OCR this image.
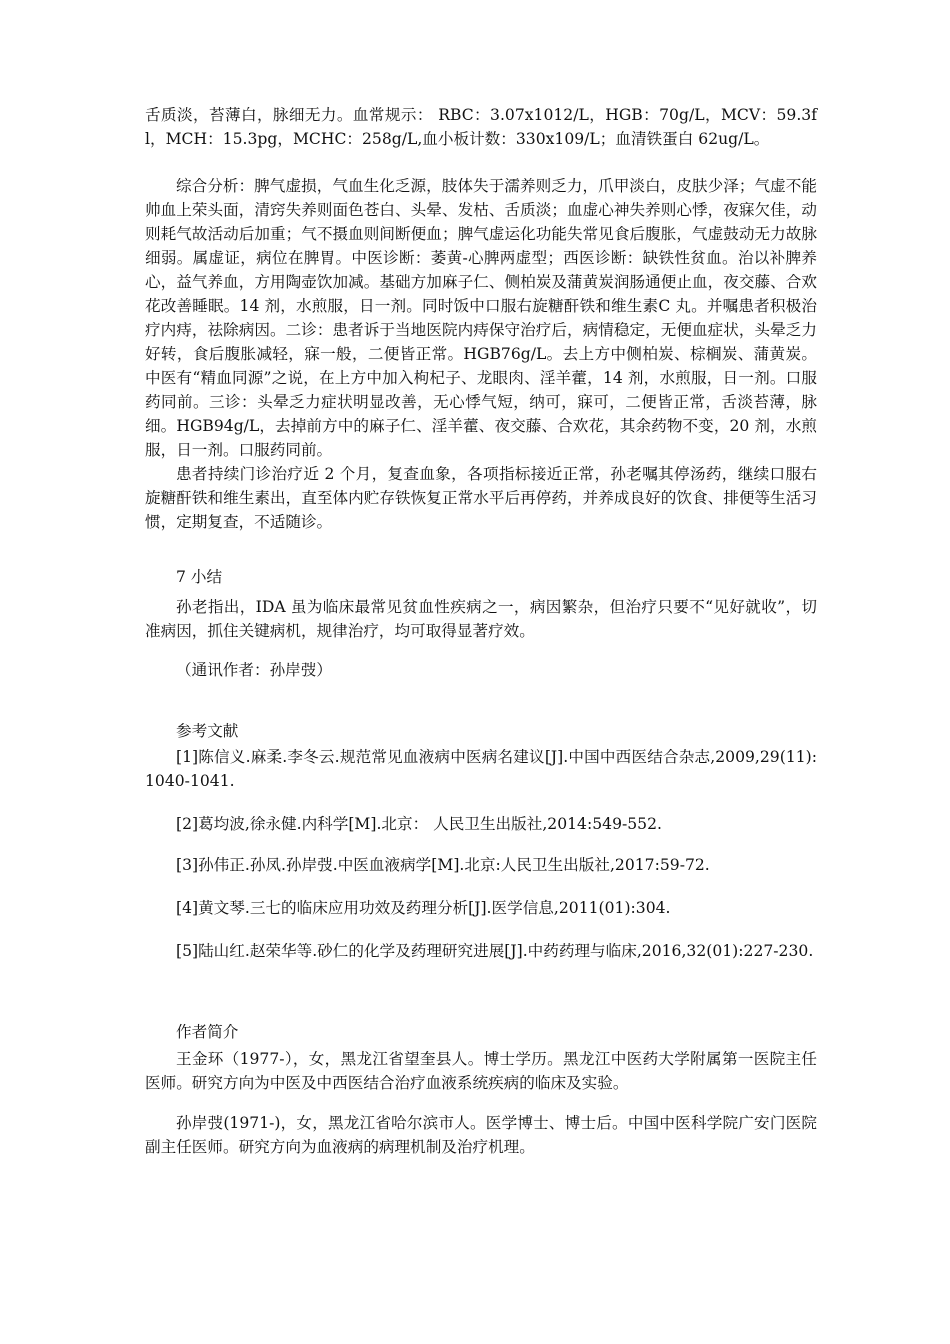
舌质淡，苔薄白，脉细无力。血常规示： RBC：3.07x1012/L，HGB：70g/L，MCV：59.3fl，MCH：15.3pg，MCHC：258g/L,血小板计数：330x109/L；血清铁蛋白 62ug/L。

综合分析：脾气虚损，气血生化乏源，肢体失于濡养则乏力，爪甲淡白，皮肤少泽；气虚不能帅血上荣头面，清窍失养则面色苍白、头晕、发枯、舌质淡；血虚心神失养则心悸，夜寐欠佳，动则耗气故活动后加重；气不摄血则间断便血；脾气虚运化功能失常见食后腹胀，气虚鼓动无力故脉细弱。属虚证，病位在脾胃。中医诊断：萎黄-心脾两虚型；西医诊断：缺铁性贫血。治以补脾养心，益气养血，方用陶壶饮加减。基础方加麻子仁、侧柏炭及蒲黄炭润肠通便止血，夜交藤、合欢花改善睡眠。14 剂，水煎服，日一剂。同时饭中口服右旋糖酐铁和维生素C 丸。并嘱患者积极治疗内痔，祛除病因。二诊：患者诉于当地医院内痔保守治疗后，病情稳定，无便血症状，头晕乏力好转，食后腹胀减轻，寐一般，二便皆正常。HGB76g/L。去上方中侧柏炭、棕榈炭、蒲黄炭。中医有“精血同源”之说，在上方中加入枸杞子、龙眼肉、淫羊藿，14 剂，水煎服，日一剂。口服药同前。三诊：头晕乏力症状明显改善，无心悸气短，纳可，寐可，二便皆正常，舌淡苔薄，脉细。HGB94g/L，去掉前方中的麻子仁、淫羊藿、夜交藤、合欢花，其余药物不变，20 剂，水煎服，日一剂。口服药同前。

患者持续门诊治疗近 2 个月，复查血象，各项指标接近正常，孙老嘱其停汤药，继续口服右旋糖酐铁和维生素出，直至体内贮存铁恢复正常水平后再停药，并养成良好的饮食、排便等生活习惯，定期复查，不适随诊。

7 小结

孙老指出，IDA 虽为临床最常见贫血性疾病之一，病因繁杂，但治疗只要不“见好就收”，切准病因，抓住关键病机，规律治疗，均可取得显著疗效。

（通讯作者：孙岸弢）

参考文献

[1]陈信义.麻柔.李冬云.规范常见血液病中医病名建议[J].中国中西医结合杂志,2009,29(11):1040-1041.

[2]葛均波,徐永健.内科学[M].北京： 人民卫生出版社,2014:549-552.

[3]孙伟正.孙凤.孙岸弢.中医血液病学[M].北京:人民卫生出版社,2017:59-72.

[4]黄文琴.三七的临床应用功效及药理分析[J].医学信息,2011(01):304.

[5]陆山红.赵荣华等.砂仁的化学及药理研究进展[J].中药药理与临床,2016,32(01):227-230.

作者简介

王金环（1977-），女，黑龙江省望奎县人。博士学历。黑龙江中医药大学附属第一医院主任医师。研究方向为中医及中西医结合治疗血液系统疾病的临床及实验。

孙岸弢(1971-)，女，黑龙江省哈尔滨市人。医学博士、博士后。中国中医科学院广安门医院副主任医师。研究方向为血液病的病理机制及治疗机理。
